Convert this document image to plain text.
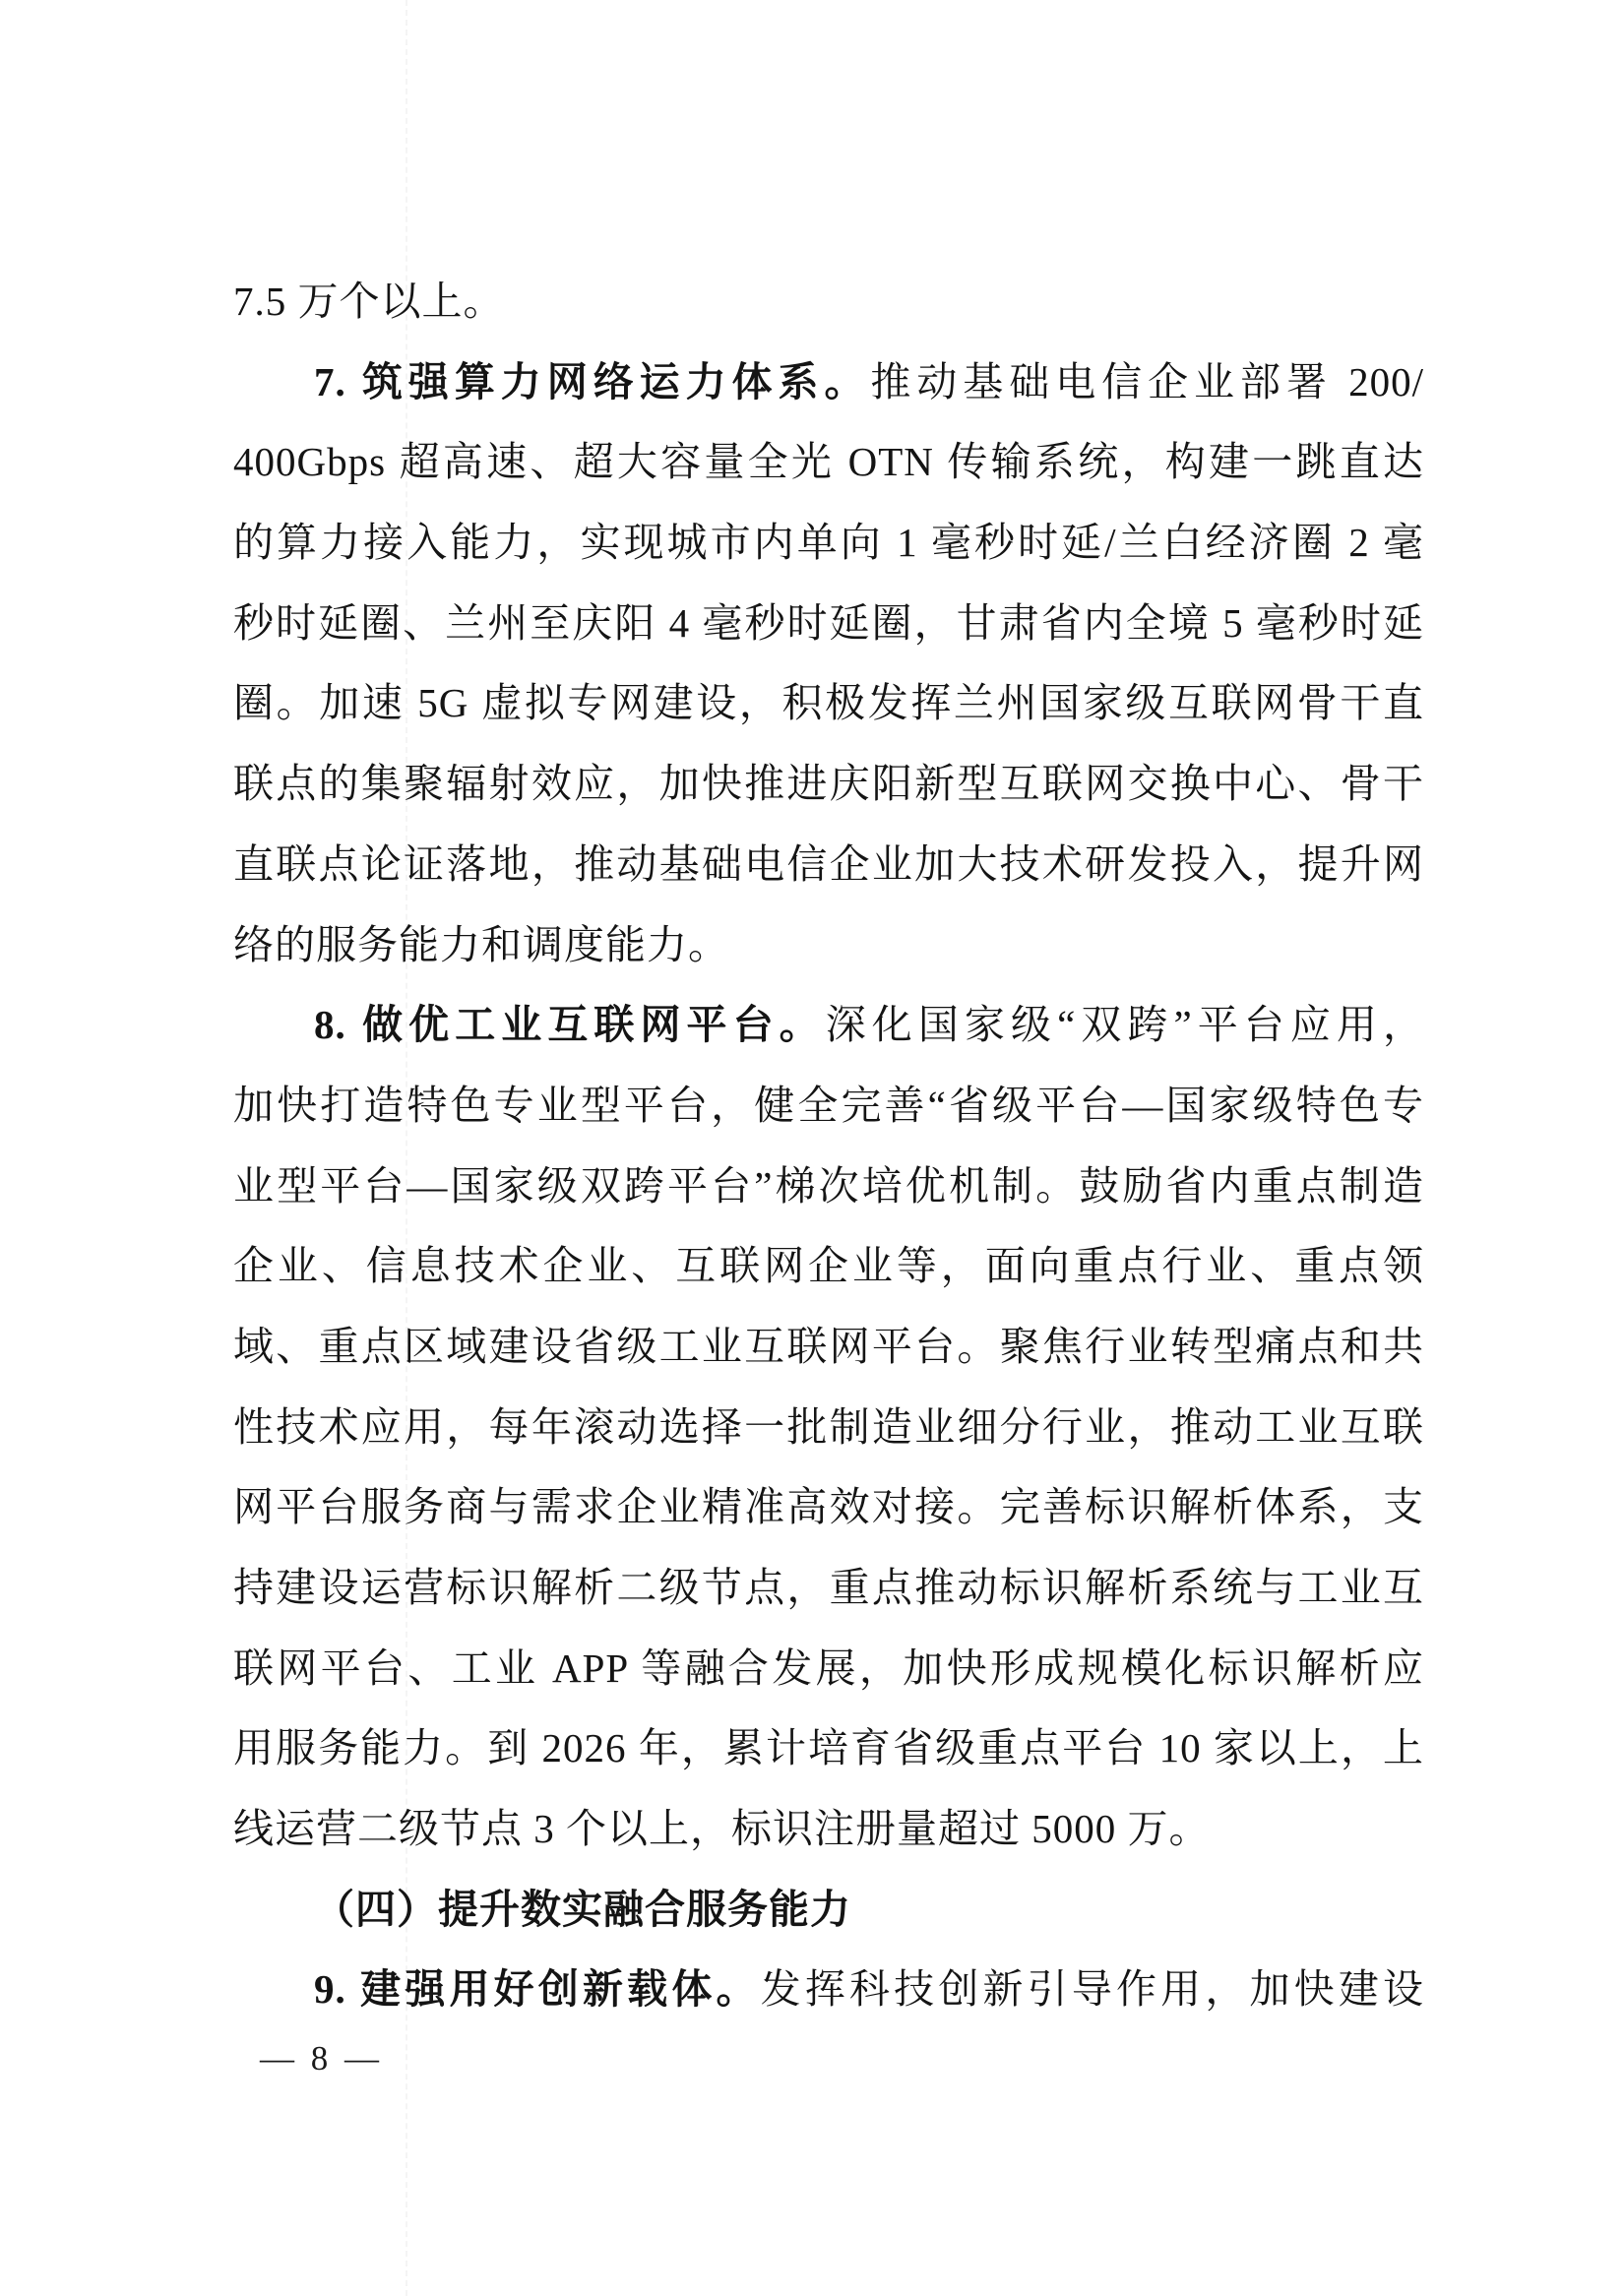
7.5 万个以上。
7. 筑强算力网络运力体系。推动基础电信企业部署 200/
400Gbps 超高速、超大容量全光 OTN 传输系统，构建一跳直达
的算力接入能力，实现城市内单向 1 毫秒时延/兰白经济圈 2 毫
秒时延圈、兰州至庆阳 4 毫秒时延圈，甘肃省内全境 5 毫秒时延
圈。加速 5G 虚拟专网建设，积极发挥兰州国家级互联网骨干直
联点的集聚辐射效应，加快推进庆阳新型互联网交换中心、骨干
直联点论证落地，推动基础电信企业加大技术研发投入，提升网
络的服务能力和调度能力。
8. 做优工业互联网平台。深化国家级“双跨”平台应用，
加快打造特色专业型平台，健全完善“省级平台—国家级特色专
业型平台—国家级双跨平台”梯次培优机制。鼓励省内重点制造
企业、信息技术企业、互联网企业等，面向重点行业、重点领
域、重点区域建设省级工业互联网平台。聚焦行业转型痛点和共
性技术应用，每年滚动选择一批制造业细分行业，推动工业互联
网平台服务商与需求企业精准高效对接。完善标识解析体系，支
持建设运营标识解析二级节点，重点推动标识解析系统与工业互
联网平台、工业 APP 等融合发展，加快形成规模化标识解析应
用服务能力。到 2026 年，累计培育省级重点平台 10 家以上，上
线运营二级节点 3 个以上，标识注册量超过 5000 万。
（四）提升数实融合服务能力
9. 建强用好创新载体。发挥科技创新引导作用，加快建设
— 8 —
